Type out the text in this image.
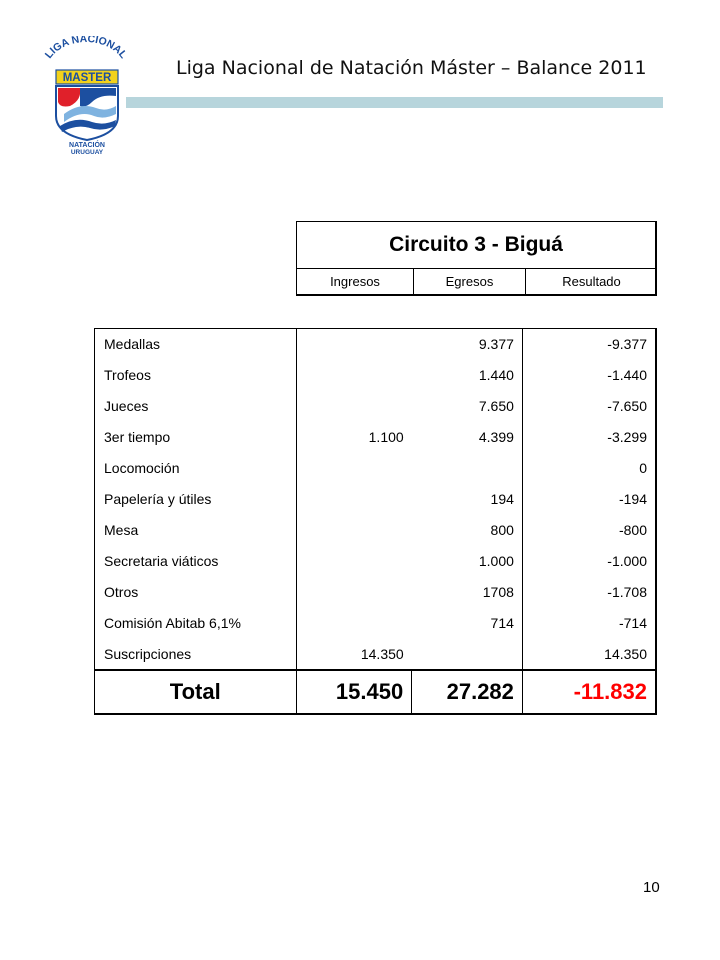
LIGA NACIONAL
MASTER
NATACIÓN
URUGUAY
Liga Nacional de Natación Máster – Balance 2011
Circuito 3 - Biguá
Ingresos	Egresos	Resultado
Medallas		9.377	-9.377
Trofeos		1.440	-1.440
Jueces		7.650	-7.650
3er tiempo	1.100	4.399	-3.299
Locomoción			0
Papelería y útiles		194	-194
Mesa		800	-800
Secretaria viáticos		1.000	-1.000
Otros		1708	-1.708
Comisión Abitab 6,1%		714	-714
Suscripciones	14.350		14.350
Total	15.450	27.282	-11.832
10
